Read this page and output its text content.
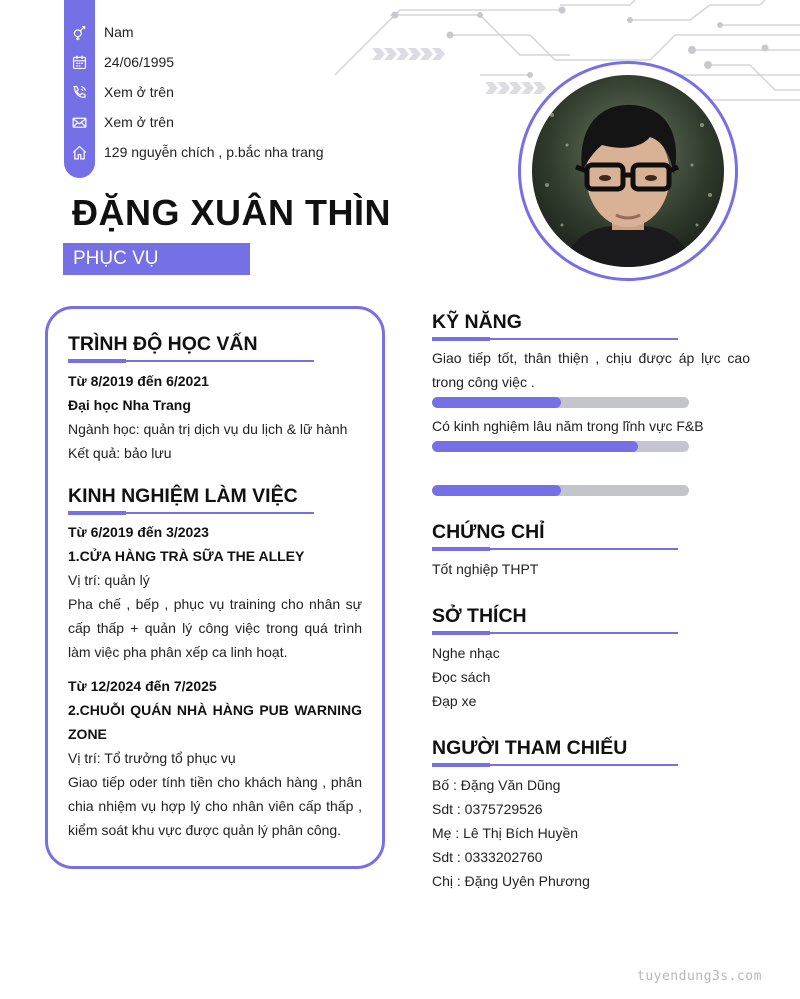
Nam
24/06/1995
Xem ở trên
Xem ở trên
129 nguyễn chích , p.bắc nha trang
ĐẶNG XUÂN THÌN
PHỤC VỤ
TRÌNH ĐỘ HỌC VẤN
Từ 8/2019 đến 6/2021
Đại học Nha Trang
Ngành học: quản trị dịch vụ du lịch & lữ hành
Kết quả: bảo lưu
KINH NGHIỆM LÀM VIỆC
Từ 6/2019 đến 3/2023
1.CỬA HÀNG TRÀ SỮA THE ALLEY
Vị trí: quản lý
Pha chế , bếp , phục vụ training cho nhân sự
cấp thấp + quản lý công việc trong quá trình
làm việc pha phân xếp ca linh hoạt.
Từ 12/2024 đến 7/2025
2.CHUỖI QUÁN NHÀ HÀNG PUB WARNING
ZONE
Vị trí: Tổ trưởng tổ phục vụ
Giao tiếp oder tính tiền cho khách hàng , phân
chia nhiệm vụ hợp lý cho nhân viên cấp thấp ,
kiểm soát khu vực được quản lý phân công.
KỸ NĂNG
Giao tiếp tốt, thân thiện , chịu được áp lực cao
trong công việc .
Có kinh nghiệm lâu năm trong lĩnh vực F&B
CHỨNG CHỈ
Tốt nghiệp THPT
SỞ THÍCH
Nghe nhạc
Đọc sách
Đạp xe
NGƯỜI THAM CHIẾU
Bố : Đặng Văn Dũng
Sdt : 0375729526
Mẹ : Lê Thị Bích Huyền
Sdt : 0333202760
Chị : Đặng Uyên Phương
tuyendung3s.com
